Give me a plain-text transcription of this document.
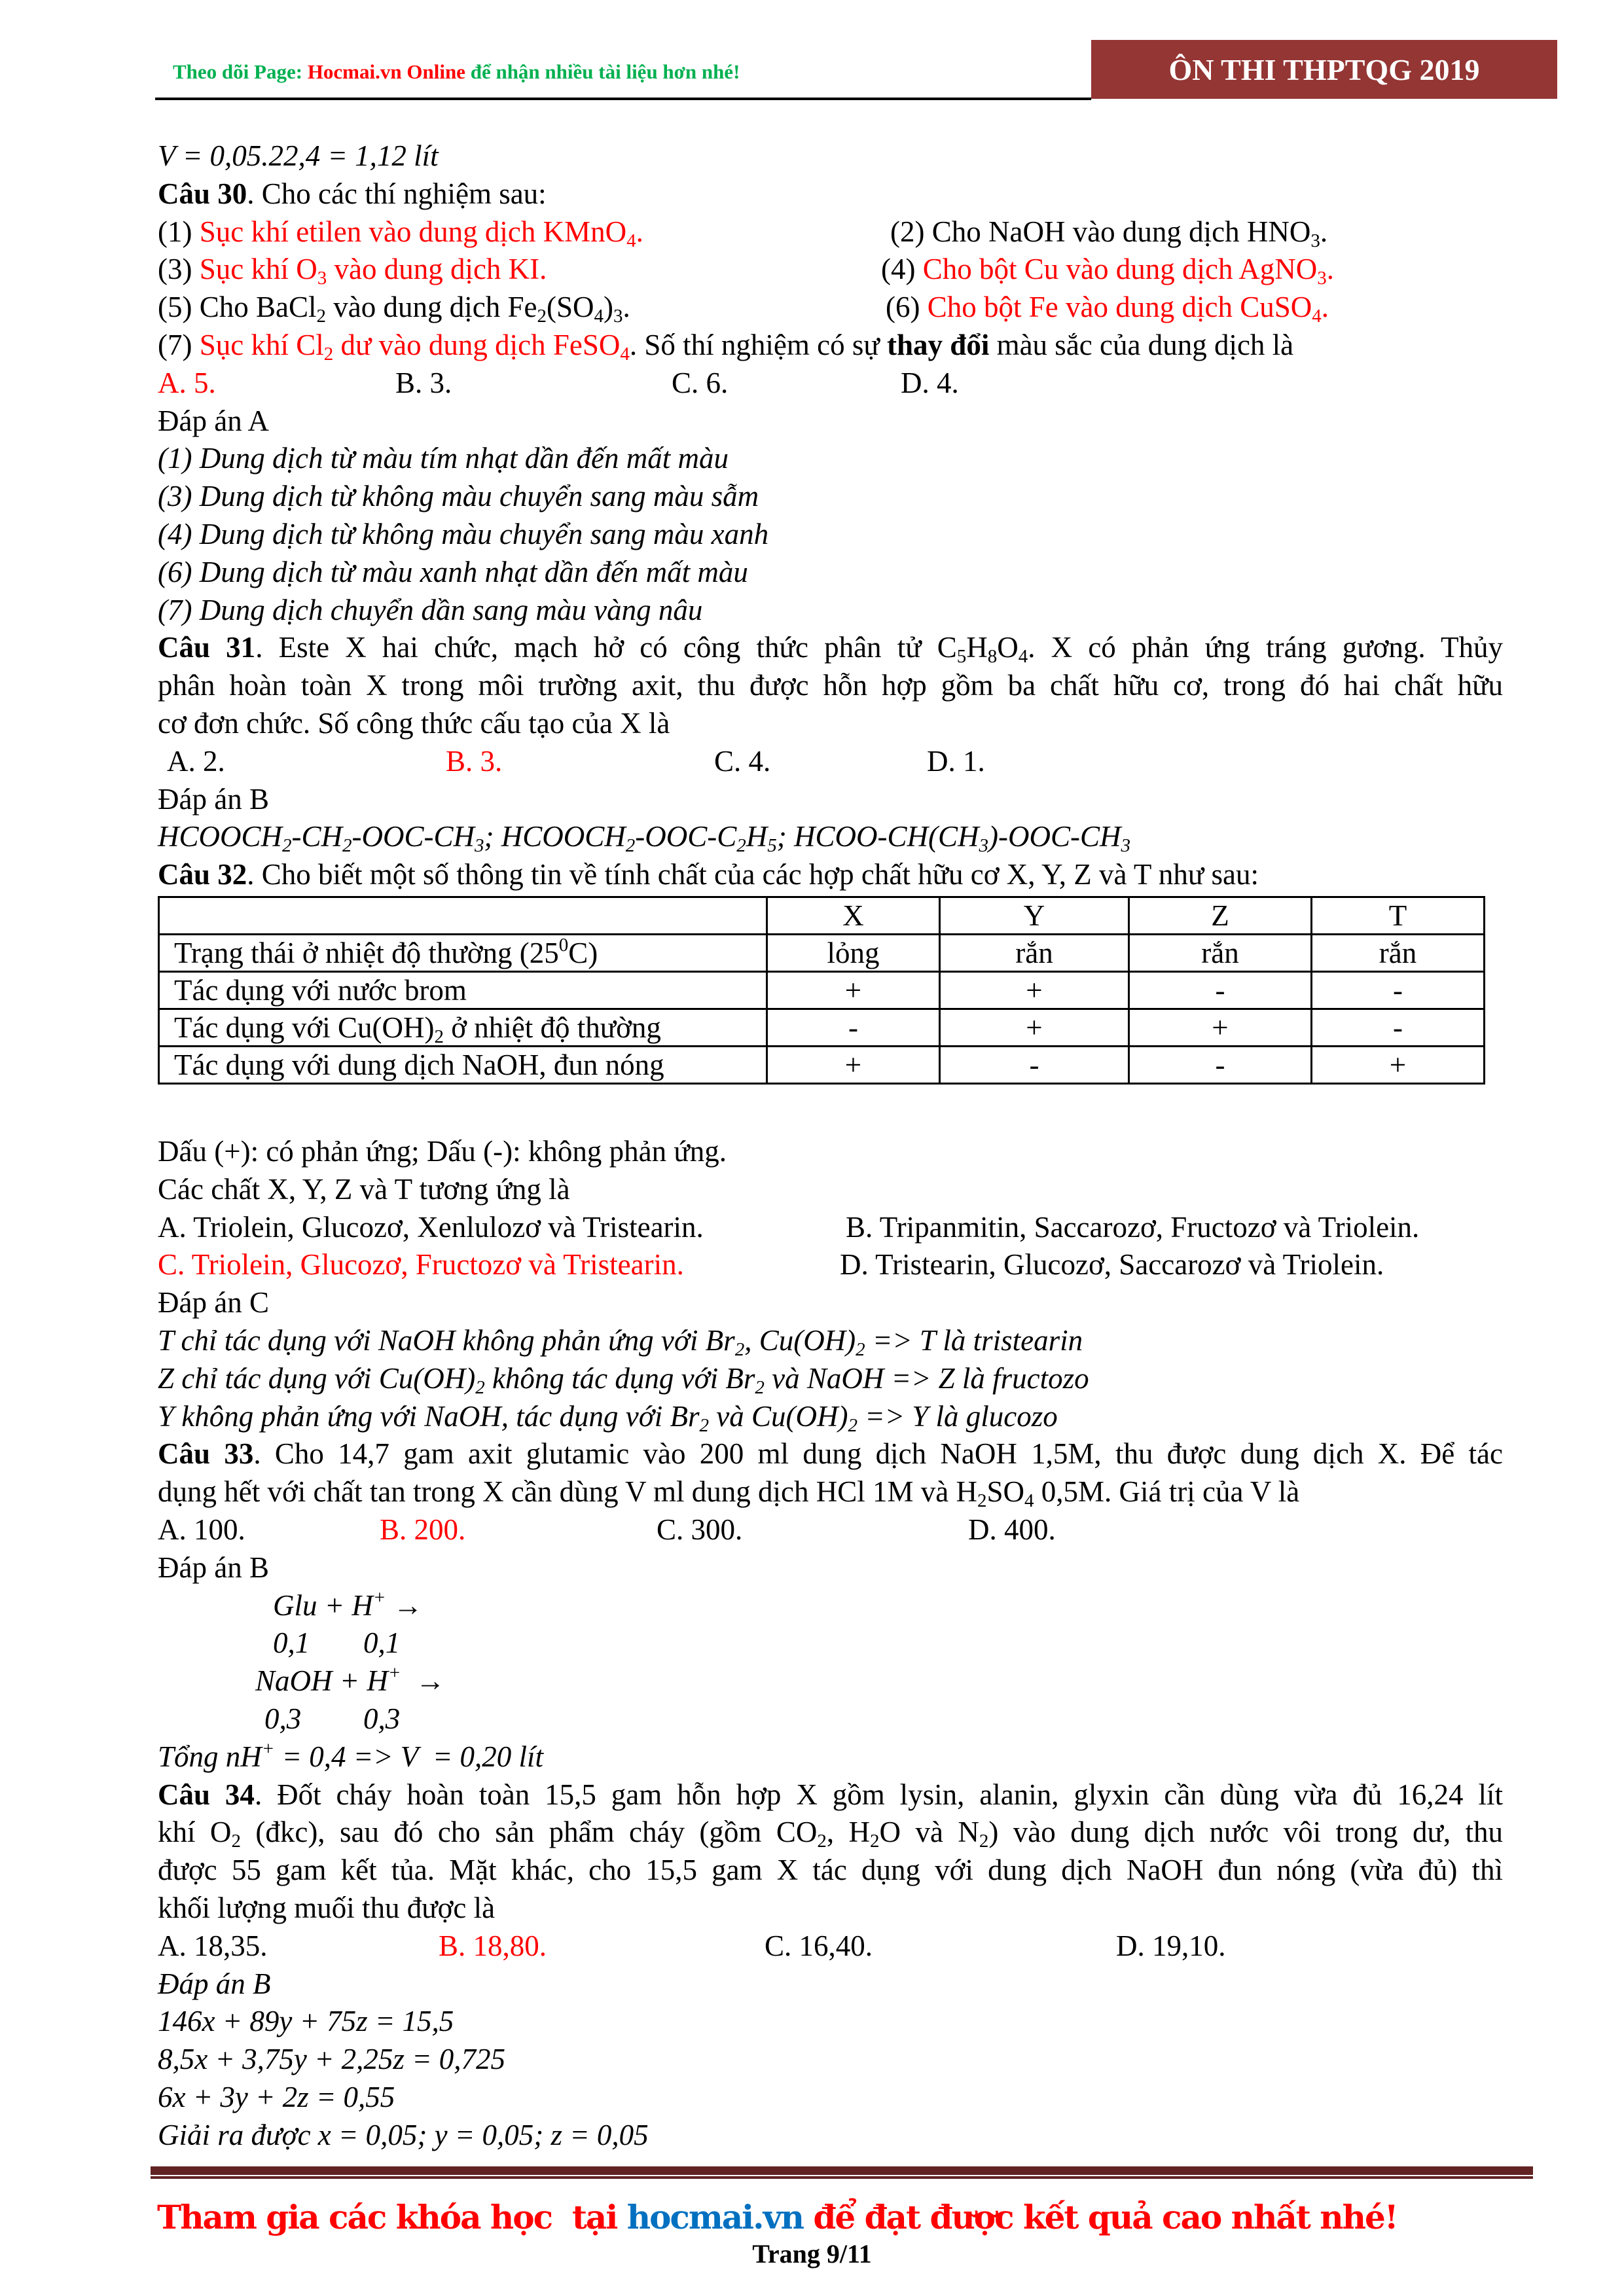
Theo dõi Page: Hocmai.vn Online để nhận nhiều tài liệu hơn nhé!	ÔN THI THPTQG 2019
V = 0,05.22,4 = 1,12 lít
Câu 30. Cho các thí nghiệm sau:
(1) Sục khí etilen vào dung dịch KMnO4.	(2) Cho NaOH vào dung dịch HNO3.
(3) Sục khí O3 vào dung dịch KI.	(4) Cho bột Cu vào dung dịch AgNO3.
(5) Cho BaCl2 vào dung dịch Fe2(SO4)3.	(6) Cho bột Fe vào dung dịch CuSO4.
(7) Sục khí Cl2 dư vào dung dịch FeSO4. Số thí nghiệm có sự thay đổi màu sắc của dung dịch là
A. 5.	B. 3.	C. 6.	D. 4.
Đáp án A
(1) Dung dịch từ màu tím nhạt dần đến mất màu
(3) Dung dịch từ không màu chuyển sang màu sẫm
(4) Dung dịch từ không màu chuyển sang màu xanh
(6) Dung dịch từ màu xanh nhạt dần đến mất màu
(7) Dung dịch chuyển dần sang màu vàng nâu
Câu 31. Este X hai chức, mạch hở có công thức phân tử C5H8O4. X có phản ứng tráng gương. Thủy
phân hoàn toàn X trong môi trường axit, thu được hỗn hợp gồm ba chất hữu cơ, trong đó hai chất hữu
cơ đơn chức. Số công thức cấu tạo của X là
A. 2.	B. 3.	C. 4.	D. 1.
Đáp án B
HCOOCH2-CH2-OOC-CH3; HCOOCH2-OOC-C2H5; HCOO-CH(CH3)-OOC-CH3
Câu 32. Cho biết một số thông tin về tính chất của các hợp chất hữu cơ X, Y, Z và T như sau:
Dấu (+): có phản ứng; Dấu (-): không phản ứng.
Các chất X, Y, Z và T tương ứng là
A. Triolein, Glucozơ, Xenlulozơ và Tristearin.	B. Tripanmitin, Saccarozơ, Fructozơ và Triolein.
C. Triolein, Glucozơ, Fructozơ và Tristearin.	D. Tristearin, Glucozơ, Saccarozơ và Triolein.
Đáp án C
T chỉ tác dụng với NaOH không phản ứng với Br2, Cu(OH)2 => T là tristearin
Z chỉ tác dụng với Cu(OH)2 không tác dụng với Br2 và NaOH => Z là fructozo
Y không phản ứng với NaOH, tác dụng với Br2 và Cu(OH)2 => Y là glucozo
Câu 33. Cho 14,7 gam axit glutamic vào 200 ml dung dịch NaOH 1,5M, thu được dung dịch X. Để tác
dụng hết với chất tan trong X cần dùng V ml dung dịch HCl 1M và H2SO4 0,5M. Giá trị của V là
A. 100.	B. 200.	C. 300.	D. 400.
Đáp án B
Glu + H+ →
0,1 0,1
NaOH + H+  →
0,3 0,3
Tổng nH+ = 0,4 => V  = 0,20 lít
Câu 34. Đốt cháy hoàn toàn 15,5 gam hỗn hợp X gồm lysin, alanin, glyxin cần dùng vừa đủ 16,24 lít
khí O2 (đkc), sau đó cho sản phẩm cháy (gồm CO2, H2O và N2) vào dung dịch nước vôi trong dư, thu
được 55 gam kết tủa. Mặt khác, cho 15,5 gam X tác dụng với dung dịch NaOH đun nóng (vừa đủ) thì
khối lượng muối thu được là
A. 18,35.	B. 18,80.	C. 16,40.	D. 19,10.
Đáp án B
146x + 89y + 75z = 15,5
8,5x + 3,75y + 2,25z = 0,725
6x + 3y + 2z = 0,55
Giải ra được x = 0,05; y = 0,05; z = 0,05
	X	Y	Z	T
Trạng thái ở nhiệt độ thường $(25^0C)$	lỏng	rắn	rắn	rắn
Tác dụng với nước brom	+	+	-	-
Tác dụng với Cu(OH)2 ở nhiệt độ thường	-	+	+	-
Tác dụng với dung dịch NaOH, đun nóng	+	-	-	+
Tham gia các khóa học  tại hocmai.vn để đạt được kết quả cao nhất nhé!
Trang 9/11
